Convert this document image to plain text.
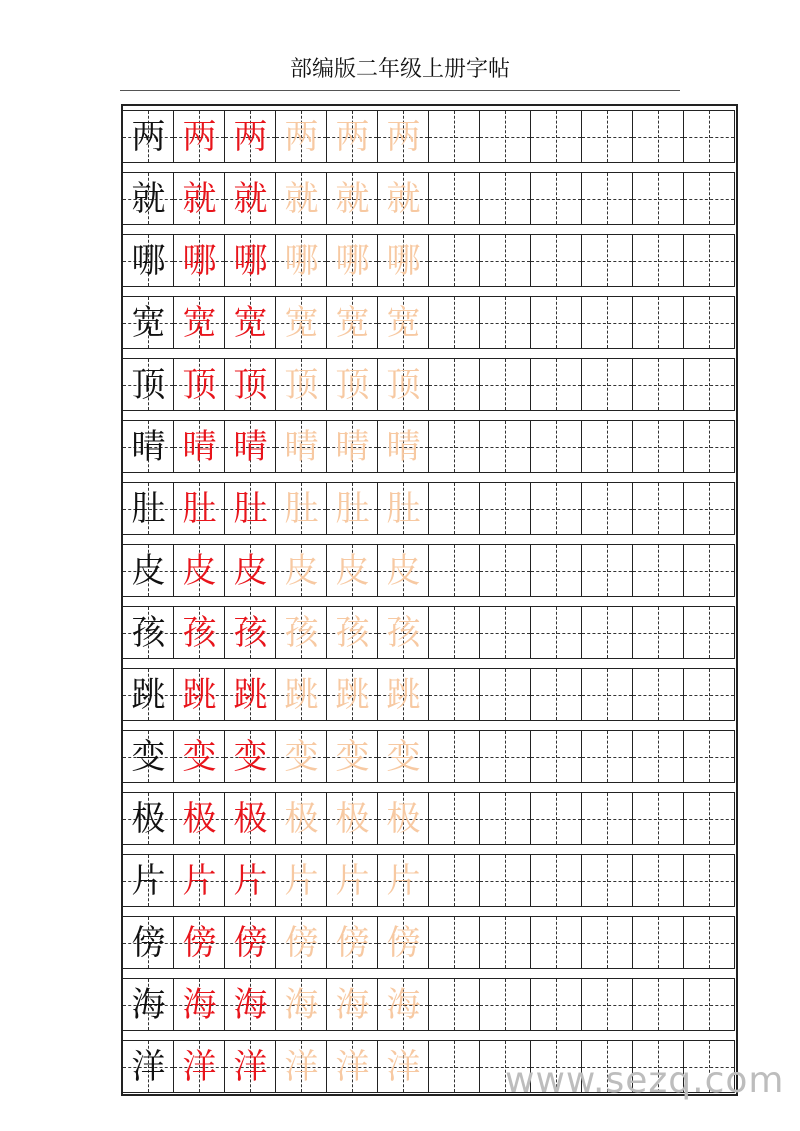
部编版二年级上册字帖
两 两 两 两 两 两
就 就 就 就 就 就
哪 哪 哪 哪 哪 哪
宽 宽 宽 宽 宽 宽
顶 顶 顶 顶 顶 顶
晴 晴 晴 晴 晴 晴
肚 肚 肚 肚 肚 肚
皮 皮 皮 皮 皮 皮
孩 孩 孩 孩 孩 孩
跳 跳 跳 跳 跳 跳
变 变 变 变 变 变
极 极 极 极 极 极
片 片 片 片 片 片
傍 傍 傍 傍 傍 傍
海 海 海 海 海 海
洋 洋 洋 洋 洋 洋 www.sezq.com
